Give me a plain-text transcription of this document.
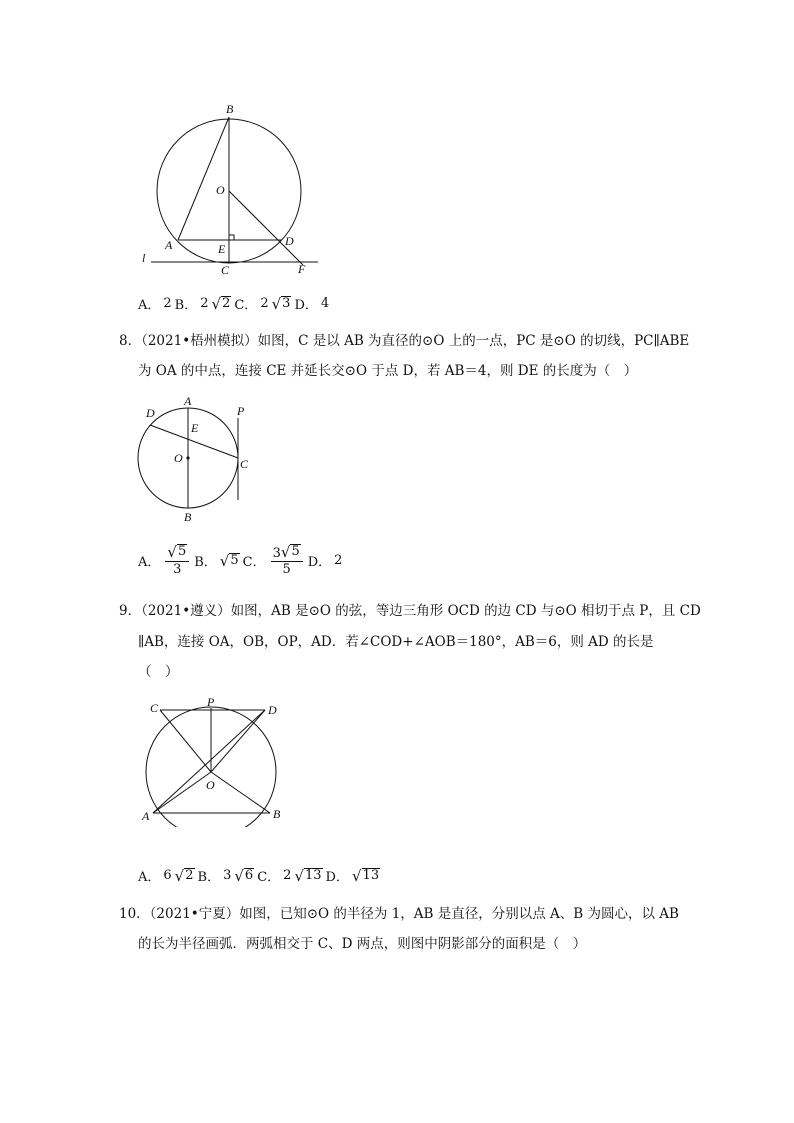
B
O
A	E
D
l
C	F
A． 2 B． 2 √ 2 C． 2 √ 3 D． 4
8．（2021•梧州模拟）如图，C 是以 AB 为直径的⊙O 上的一点，PC 是⊙O 的切线，PC∥ABE
为 OA 的中点，连接 CE 并延长交⊙O 于点 D，若 AB＝4，则 DE 的长度为（　）
A
P
D
E
O	C
B
A． $\frac{√ 5}{3}$ B． √ 5 C． $\frac{3 √ 5}{5}$ D． 2
9．（2021•遵义）如图，AB 是⊙O 的弦，等边三角形 OCD 的边 CD 与⊙O 相切于点 P，且 CD
∥AB，连接 OA，OB，OP，AD．若∠COD+∠AOB＝180°，AB＝6，则 AD 的长是
（　）
C	P
D
O
A	B
A． 6 √ 2 B． 3 √ 6 C． 2 √ 13 D． √ 13
10．（2021•宁夏）如图，已知⊙O 的半径为 1，AB 是直径，分别以点 A、B 为圆心，以 AB
的长为半径画弧．两弧相交于 C、D 两点，则图中阴影部分的面积是（　）
